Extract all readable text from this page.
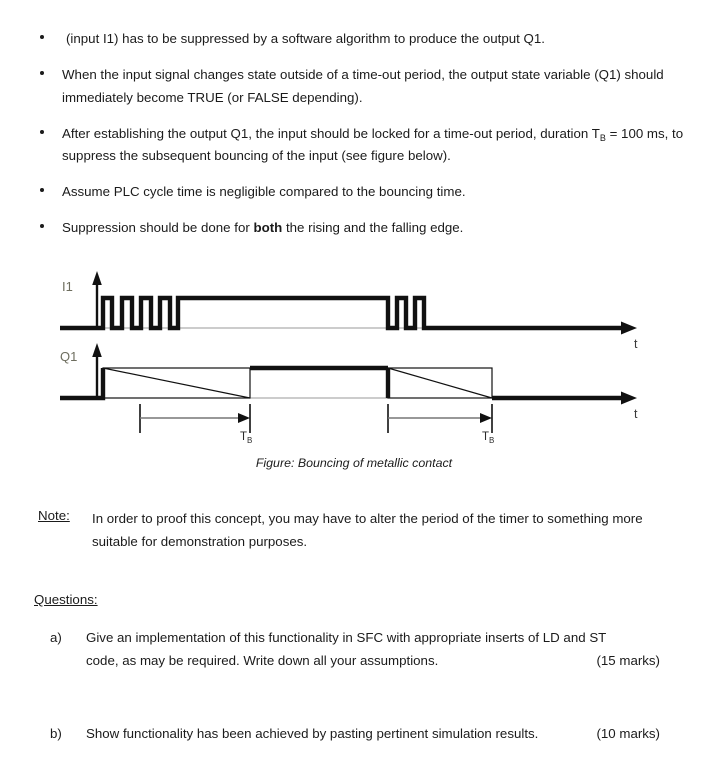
(input I1) has to be suppressed by a software algorithm to produce the output Q1.
When the input signal changes state outside of a time-out period, the output state variable (Q1) should immediately become TRUE (or FALSE depending).
After establishing the output Q1, the input should be locked for a time-out period, duration $T_B = 100$ ms, to suppress the subsequent bouncing of the input (see figure below).
Assume PLC cycle time is negligible compared to the bouncing time.
Suppression should be done for both the rising and the falling edge.
I1
t
Q1
t
$T_B$	$T_B$
Figure: Bouncing of metallic contact
Note:	In order to proof this concept, you may have to alter the period of the timer to something more suitable for demonstration purposes.
Questions:
a) Give an implementation of this functionality in SFC with appropriate inserts of LD and ST
code, as may be required. Write down all your assumptions.	(15 marks)
b) Show functionality has been achieved by pasting pertinent simulation results.	(10 marks)
